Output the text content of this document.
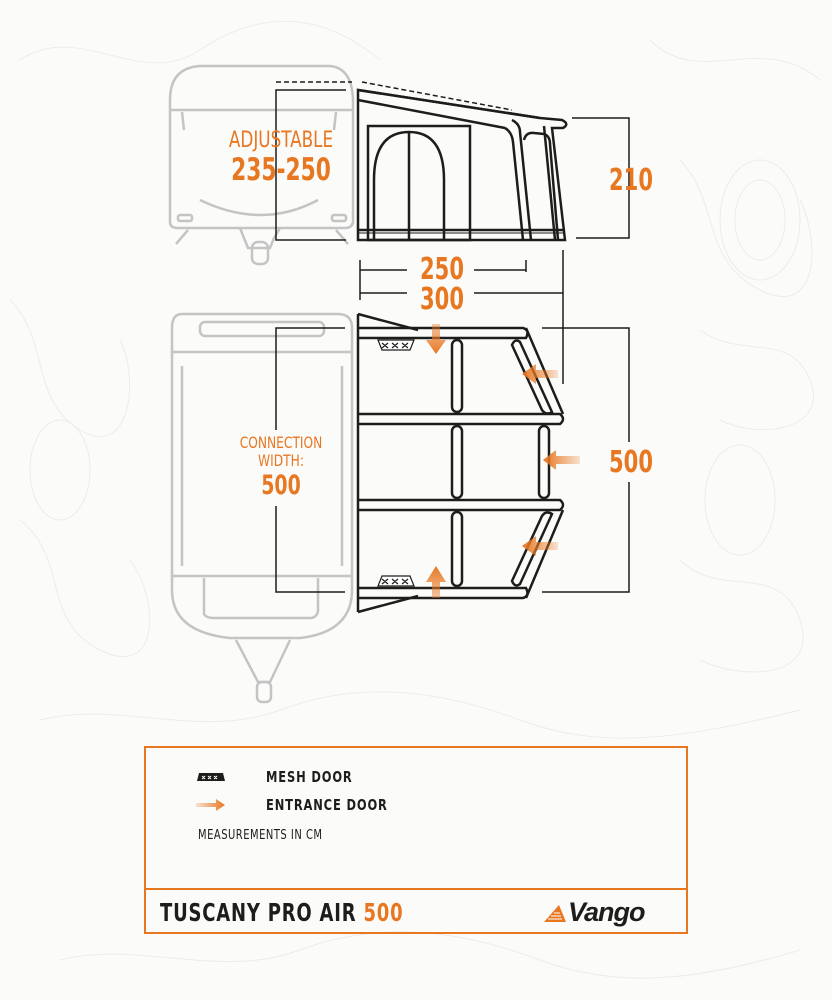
ADJUSTABLE
235-250	210
250
300
CONNECTION
WIDTH:
500
500
MESH DOOR
ENTRANCE DOOR
MEASUREMENTS IN CM
TUSCANY PRO AIR 500	Vango
